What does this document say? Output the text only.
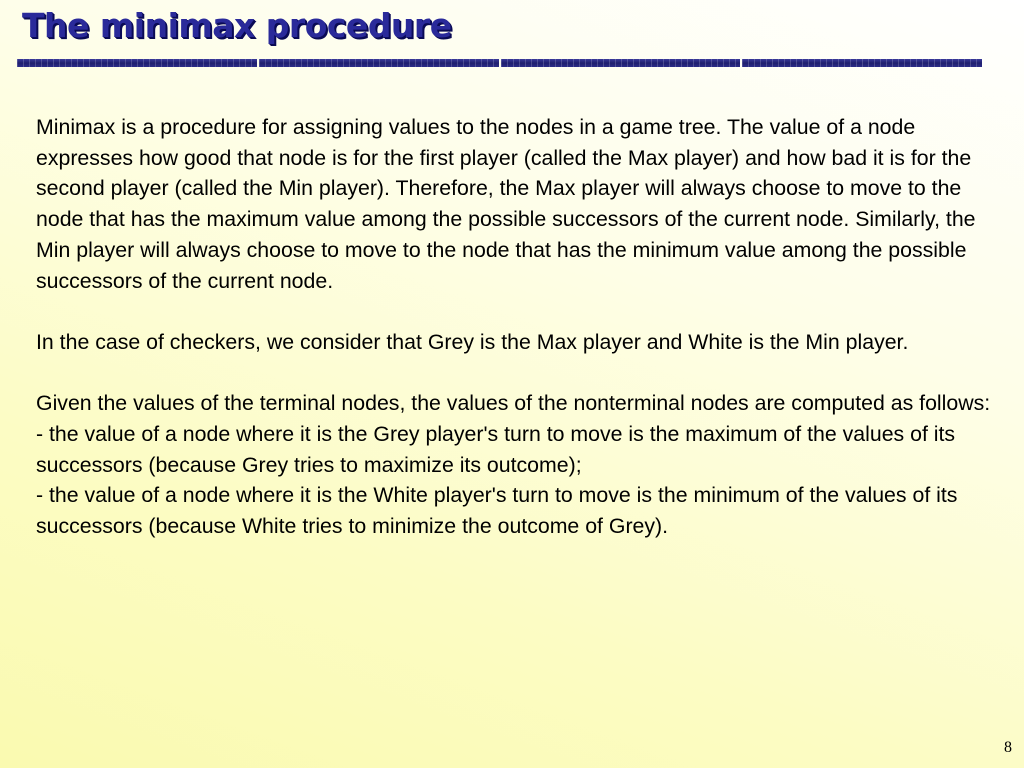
The minimax procedure

Minimax is a procedure for assigning values to the nodes in a game tree. The value of a node expresses how good that node is for the first player (called the Max player) and how bad it is for the second player (called the Min player). Therefore, the Max player will always choose to move to the node that has the maximum value among the possible successors of the current node. Similarly, the Min player will always choose to move to the node that has the minimum value among the possible successors of the current node.

In the case of checkers, we consider that Grey is the Max player and White is the Min player.

Given the values of the terminal nodes, the values of the nonterminal nodes are computed as follows:

- the value of a node where it is the Grey player's turn to move is the maximum of the values of its successors (because Grey tries to maximize its outcome);
- the value of a node where it is the White player's turn to move is the minimum of the values of its successors (because White tries to minimize the outcome of Grey).
8
